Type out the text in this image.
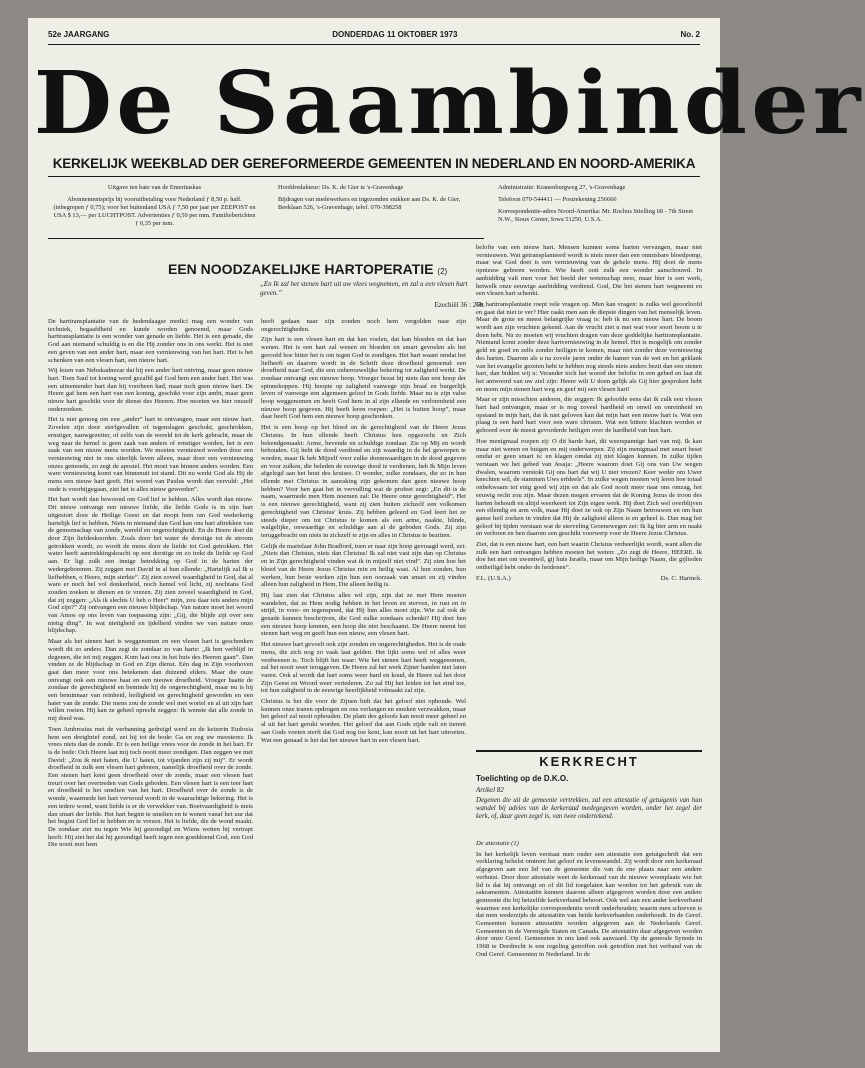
52e JAARGANG	DONDERDAG 11 OKTOBER 1973	No. 2
De Saambinder
KERKELIJK WEEKBLAD DER GEREFORMEERDE GEMEENTEN IN NEDERLAND EN NOORD-AMERIKA

Uitgave ten bate van de Emeritaskas

Abonnementsprijs bij vooruitbetaling voor Nederland ƒ 8,50 p. half. (inbegrepen ƒ 0,75); voor het buitenland USA ƒ 7,50 per jaar per ZEEPOST en USA $ 13,— per LUCHTPOST. Advertenties ƒ 0,50 per mm. Familieberichten ƒ 0,35 per mm.

Hoofdredakteur: Ds. K. de Gier te 's-Gravenhage

Bijdragen van medewerkers en ingezonden stukken aan Ds. K. de Gier, Beeklaan 526, 's-Gravenhage, telef. 070-398258

Administratie: Kranenburgweg 27, 's-Gravenhage

Telefoon 070-544411 — Postrekening 256666

Korrespondentie-adres Noord-Amerika: Mr. Rochus Stielling 68 - 7th Street N.W., Sioux Center, Iowa 51250, U.S.A.

EEN NOODZAKELIJKE HARTOPERATIE (2)
„En Ik zal het stenen hart uit uw vlees wegnemen, en zal u een vlesen hart geven.”
Ezechiël 36 : 26b.

De harttransplantatie van de hedendaagse medici mag een wonder van techniek, begaafdheid en kunde worden genoemd, maar Gods harttransplantatie is een wonder van genade en liefde. Het is een genade, die God aan niemand schuldig is en die Hij zonder ons in ons werkt. Het is niet een geven van een ander hart, maar een vernieuwing van het hart. Het is het schenken van een vlesen hart, een nieuw hart.

Wij lezen van Nebukadnezar dat hij een ander hart ontving, maar geen nieuw hart. Toen Saul tot koning werd gezalfd gaf God hem een ander hart. Het was een uitnemender hart dan hij voorheen had, maar toch geen nieuw hart. De Heere gaf hem een hart van een koning, geschikt voor zijn ambt, maar geen nieuw hart geschikt voor de dienst des Heeren. Hoe moeten we hier onszelf onderzoeken.

Het is niet genoeg om een „ander” hart te ontvangen, maar een nieuw hart. Zovelen zijn door sterfgevallen of tegenslagen geschokt, geschrokken, ernstiger, nauwgezetter, of zelfs van de wereld tot de kerk gebracht, maar de weg naar de hemel is geen zaak van anders of ernstiger worden, het is een zaak van een nieuw mens worden. We moeten vernieuwd worden door een vernieuwing niet in ons uiterlijk leven alleen, maar door een vernieuwing onzes gemoeds, zo zegt de apostel. Het moet van binnen anders worden. Een ware vernieuwing komt van binnenuit tot stand. Dit nu werkt God als Hij de mens een nieuw hart geeft. Het woord van Paulus wordt dan vervuld: „Het oude is voorbijgegaan, ziet het is alles nieuw geworden”.

Het hart wordt dan bewoond om God lief te hebben. Alles wordt dan nieuw. Dit nieuw ontvangt een nieuwe liefde, die liefde Gods is in zijn hart uitgestort door de Heilige Geest en dat noopt hem om God wederkerig hartelijk lief te hebben. Niets in niemand dan God kan ons hart aftrekken van de gemeenschap van zonde, wereld en ongerechtigheid. En de Heere doet dit door Zijn liefdeskoorden. Zoals door het water de dorstige tot de stroom getrokken wordt, zo wordt de mens door de liefde tot God getrokken. Het water heeft aantrekkingskracht op een dorstige en zo trekt de liefde op God aan. Er ligt zulk een innige betrekking op God in de harten der wedergeborenen. Zij zeggen met David in al hun ellende: „Hartelijk zal Ik u liefhebben, o Heere, mijn sterkte”. Zij zien zoveel waardigheid in God, dat al ware er noch hel vol donkerheid, noch hemel vol licht, zij nochtans God zouden zoeken te dienen en te vrezen. Zij zien zoveel waardigheid in God, dat zij zeggen: „Als ik slechts U heb o Heer” mijn, zou daar iets anders mijn God zijn?” Zij ontvangen een nieuwe blijdschap. Van nature moet het woord van Amos op ons leven van toepassing zijn: „Gij, die blijde zijt over een nietig ding”. In wat nietigheid en ijdelheid vinden we van nature onze blijdschap.

Maar als het stenen hart is weggenomen en een vlesen hart is geschonken wordt dit zo anders. Dan zegt de zondaar zo van harte: „Ik ben verblijd in degenen, die tot mij zeggen. Kom laat ons in het huis des Heeren gaan”. Dan vinden ze de blijdschap in God en Zijn dienst. Eén dag in Zijn voorhoven gaat dan meer voor ons betekenen dan duizend elders. Maar die ouze ontvangt ook een nieuwe haat en een nieuwe droefheid. Vroeger haatte de zondaar de gerechtigheid en beminde hij de ongerechtigheid, maar nu is hij een beminnaar van reinheid, heiligheid en gerechtigheid geworden en een hater van de zonde. Die mens zou de zonde wel met wortel en al uit zijn hart willen roeien. Hij kan ze geheel oprecht zeggen: Ik wenste dat alle zonde in mij dood was.

Toen Ambrosius met de verbanning gedreigd werd en de keizerin Eudoxia hem een dreigbrief zond, zei hij tot de bode: Ga en zeg uw meesteres: Ik vrees niets dan de zonde. Er is een heilige vrees voor de zonde in het hart. Er is de bede: Och Heere laat mij toch nooit meer zondigen. Dan zeggen we met David: „Zou ik niet haten, die U haten, tot vijanden zijn zij mij”. Er wordt droefheid in zulk een vlesen hart geboren, namelijk droefheid over de zonde. Een stenen hart kent geen droefheid over de zonde, maar een vlesen hart treurt over het overtreden van Gods geboden. Een vlesen hart is een teer hart en droefheid is het smelten van het hart. Droefheid over de zonde is de wonde, waarmede het hart verwoud wordt in de waarachtige bekering. Het is een tedere wond, want liefde is er de verwekker van. Boetvaardigheid is niets dan smart der liefde. Het hart begint te smelten en te wenen vanaf het uur dat het begint God lief te hebben en te vrezen. Het is liefde, die de wond maakt. De zondaar ziet nu tegen Wie hij gezondigd en Wiens wetten hij vertrapt heeft: Hij ziet het dat hij gezondigd heeft tegen een goeddoend God, een God Die nooit met hem

heeft gedaan naar zijn zonden noch hem vergolden naar zijn ongerechtigheden.

Zijn hart is een vlesen hart en dat kan voelen, dat kan bloeden en dat kan wenen. Het is een hart zal wenen en bloeden en smart gevoelen als het geroofd hoe bitter het is om tegen God te zondigen. Het hart waant omdat het liefheeft en daarom wordt in de Schrift deze droefheid genoemd: een droefheid naar God, die een onberouwelijke bekering tot zaligheid werkt. De zondaar ontvangt een nieuwe hoop. Vroeger bezat hij niets dan een hoop der spinnekoppen. Hij hoopte op zaligheid vanwege zijn braaf en burgerlijk leven of vanwege een algemeen geloof in Gods liefde. Maar nu is zijn valse hoop weggenomen en heeft God hem in al zijn ellende en verlorenheid een nieuwe hoop gegeven. Hij heeft leren roepen: „Het is buiten hoop”, maar daar heeft God hem een nieuwe hoop geschonken.

Het is een hoop op het bloed en de gerechtigheid van de Heere Jezus Christus. In hun ellende heeft Christus hen opgezocht en Zich bekendgemaakt: Arme, bevende en schuldige zondaar. Zie op Mij en wordt behouden. Gij hebt de dood verdiend en zijt waardig in de hel geworpen te worden, maar Ik heb Mijzelf voor zulke doemwaardigen in de dood gegeven en voor zulken, die beleden de eeuwige dood te verdienen, heb Ik Mijn leven afgelegd aan het hout des kruises. O wonder, zulke zondaars, die zo in hun ellende met Christus in aanraking zijn gekomen dan geen nieuwe hoop hebben? Voor hen gaat het in vervulling wat de profeet zegt: „En dit is de naam, waarmede men Hem noemen zal: De Heere onze gerechtigheid”. Het is een nieuwe gerechtigheid, want zij zien buiten zichzelf een volkomen gerechtigheid van Christus' kruis. Zij hebben geleerd en God leert het ze steeds dieper om tot Christus te komen als een arme, naakte, blinde, walgelijke, onwaardige en schuldige aan al de geboden Gods. Zij zijn teruggebracht om niets in zichzelf te zijn en alles in Christus te bezitten.

Gelijk de martelaar John Bradford, toen er naar zijn hoop gevraagd werd, zei: „Niets dan Christus, niets dan Christus! Ik zal niet vast zijn dan op Christus en in Zijn gerechtigheid vinden wat ik in mijzelf niet vind”. Zij zien hoe het bloed van de Heere Jezus Christus rein en heilig wast. Al hun zonden, hun werken, hun beste werken zijn hun een oorzaak van smart en zij vinden alleen hun zaligheid in Hem, Die alleen heilig is.

Hij laat zien dat Christus alles wil zijn, zijn dat ze met Hem moeten wandelen, dat ze Hem nodig hebben in het leven en sterven, in rust en in strijd, in voor- en tegenspoed, dat Hij hun alles moet zijn. Wie zal ook de genade kunnen beschrijven, die God zulke zondaars schenkt? Hij doet hen een nieuwe hoop kennen, een hoop die niet beschaamt. De Heere neemt het stenen hart weg en geeft hun een nieuw, een vlesen hart.

Het nieuwe hart gevoelt ook zijn zonden en ongerechtigheden. Het is de oude mens, die zich nog zo vaak laat gelden. Het lijkt soms wel of alles weer verdwenen is. Toch blijft het waar: Wie het stenen hart heeft weggenomen, zal het nooit weer teruggeven. De Heere zal het werk Zijner handen niet laten varen. Ook al wordt dat hart soms weer hard en koud, de Heere zal het door Zijn Geest en Woord weer vertederen. Zo zal Hij het leiden tot het eind toe, tot hun zaligheid in de eeuwige heerlijkheid volmaakt zal zijn.

Christus is het die voor de Zijnen bidt dat het geloof niet ophoude. Wel kunnen onze tranen opdrogen en ons verlangen en smeken verzwakken, maar het geloof zal nooit ophouden. De plant des geloofs kan nooit meer geheel en al uit het hart gerukt worden. Het geloof dat aan Gods zijde valt en tierent aan Gods voeten sterft dat God nog toe kent, kan nooit uit het hart uitroeien. Wat een genaad is het dat het nieuwe hart in een vlesen hart.

belofte van een nieuw hart. Mensen kunnen soms harten vervangen, maar niet vernieuwen. Wat getransplanteerd wordt is niets meer dan een onmisbare bloedpomp, maar wat God doet is een vernieuwing van de gehele mens. Hij doet de mens opnieuw geboren worden. Wie heeft ooit zulk een wonder aanschouwd. In aanbidding valt men voor het beeld der wetenschap neer, maar hier is een werk, hetwelk onze eeuwige aanbidding verdiend. God, Die het stenen hart wegneemt en een vlesen hart schenkt.

De harttransplantatie roept vele vragen op. Men kan vragen: is zulks wel geoorloofd en gaat dat niet te ver? Hier raakt men aan de diepste dingen van het menselijk leven. Maar de grote en meest belangrijke vraag is: heb ik nu een nieuw hart. De boom wordt aan zijn vruchten gekend. Aan de vrucht ziet u met wat voor soort boom u te doen hebt. Nu zo moeten wij vruchten dragen van deze goddelijke harttransplantatie. Niemand komt zonder deze hartvernieuwing in de hemel. Het is mogelijk om zonder geld en goed en zelfs zonder heiligen te komen, maar niet zonder deze vernieuwing des harten. Daarom als u na zovele jaren onder de hamer van de wet en het geklank van het evangelie gezeten hebt te hebben nog steeds niets anders bezit dan een stenen hart, dan bidden wij u: Verander toch het woord der belofte in een gebed en laat dit het antwoord van uw ziel zijn: Heere wilt U doen gelijk als Gij hier gesproken hebt en neem mijn stenen hart weg en geef mij een vlesen hart!

Maar er zijn misschien anderen, die zeggen: Ik geloofde eens dat ik zulk een vlesen hart had ontvangen, maar er is nog zoveel hardheid en onwil en onreinheid en opstand in mijn hart, dat ik niet geloven kan dat mijn hart een nieuw hart is. Wat een plaag is een hard hart voor een ware christen. Wat een bittere klachten worden er gehoord over de meest gevorderde heiligen over de hardheid van hun hart.

Hoe menigmaal roepen zij: O dit harde hart, dit weerspannige hart van mij. Ik kan maar niet wenen en buigen en mij onderwerpen. Zij zijn menigmaal met smart beset omdat er geen smart is: en klagen omdat zij niet klagen kunnen. In zulke tijden verstaan we het gebed van Jesaja: „Heere waarom doet Gij ons van Uw wegen dwalen, waarom verstokt Gij ons hart dat wij U niet vrezen? Keer weder om Uwer knechten wil, de stammen Uws erfdeels”. In zulke wegen moeten wij leren hoe totaal onbekwaam tot enig goed wij zijn en dat als God nooit meer naar ons omzag, het eeuwig recht zou zijn. Maar dezen mogen ervaren dat de Koning Jezus de troon des harten behoudt en altijd weerkeert tot Zijn eigen werk. Hij doet Zich wel overblijven een ellendig en arm volk, maar Hij doet ze ook op Zijn Naam betrouwen en om hun ganse heil zoeken in vinden dat Hij de zaligheid alleen is en geheel is. Dan mag het geloof bij tijden verstaan wat de sterveling Groenewegen zei: Ik lig hier arm en naakt en verloren en ben daarom een geschikt voorwerp voor de Heere Jezus Christus.

Ziet, dat is een nieuw hart, een hart waarin Christus verheerlijkt wordt, want allen die zulk een hart ontvangen hebben moeten het weten: „Zo zegt de Heere, HEERE. Ik doe het niet om uwentwil, gij huis Israëls, maar om Mijn heilige Naam, die gijlieden ontheiligd hebt onder de heidenen”.

F.L. (U.S.A.)	Ds. C. Harinck.
KERKRECHT
Toelichting op de D.K.O.
Artikel 82
Degenen die uit de gemeente vertrekken, zal een attestatie of getuigenis van hun wandel bij advies van de kerkeraad medegegeven worden, onder het zegel der kerk, of, daar geen zegel is, van twee ondertekend.

De attestatie (1)

In het kerkelijk leven verstaat men onder een attestatie een getuigschrift dat een verklaring behelst omtrent het geloof en levenswandel. Zij wordt door een kerkeraad afgegeven aan een lid van de gemeente die van de ene plaats naar een andere verhuist. Door deze attestatie weet de kerkeraad van de nieuwe woonplaats wie het lid is dat hij ontvangt en of dit lid toegelaten kan worden tot het gebruik van de sakramenten. Attestatiën kunnen daarom alleen afgegeven worden door een andere gemeente die bij hetzelfde kerkverband behoort. Ook wel aan een ander kerkverband waarmee een kerkelijke correspondentie wordt onderhouden; waarin men schreven is dat men wederzijds de attestatiën van beide kerkverbanden onderhoudt. In de Geref. Gemeenten kunnen attestatiën worden afgegeven aan de Nederlands Geref. Gemeenten in de Verenigde Staten en Canada. De attestatiën daar afgegeven worden door onze Geref. Gemeenten in ons land ook aanvaard. Op de generale Synode in 1968 te Dordrecht is een regeling getroffen ook getroffen met het verband van de Oud Geref. Gemeenten in Nederland. In de
